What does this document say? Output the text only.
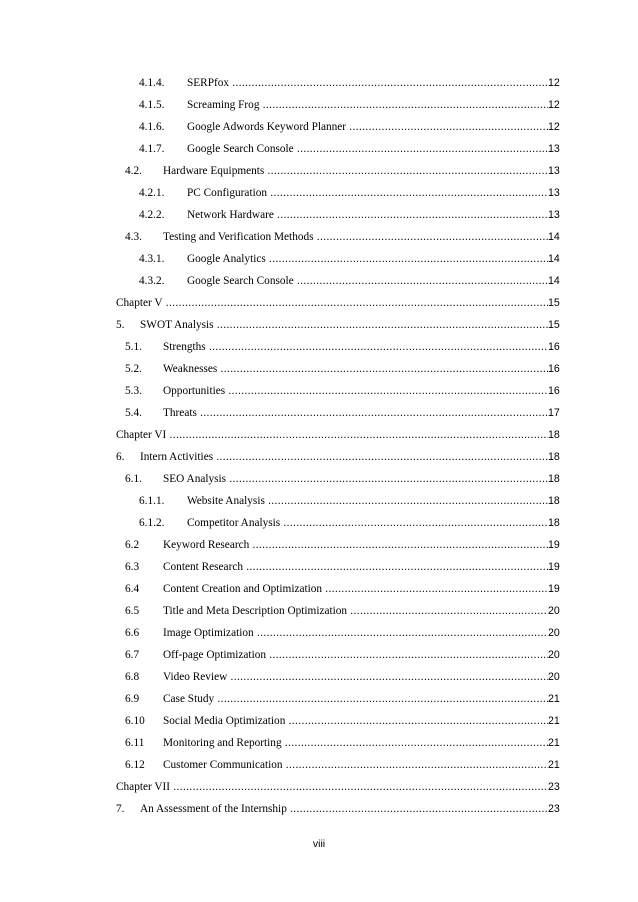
4.1.4. SERPfox .....	12
4.1.5. Screaming Frog .....	12
4.1.6. Google Adwords Keyword Planner .....	12
4.1.7. Google Search Console .....	13
4.2. Hardware Equipments .....	13
4.2.1. PC Configuration .....	13
4.2.2. Network Hardware .....	13
4.3. Testing and Verification Methods .....	14
4.3.1. Google Analytics .....	14
4.3.2. Google Search Console .....	14
Chapter V .....	15
5. SWOT Analysis .....	15
5.1. Strengths .....	16
5.2. Weaknesses .....	16
5.3. Opportunities .....	16
5.4. Threats .....	17
Chapter VI .....	18
6. Intern Activities .....	18
6.1. SEO Analysis .....	18
6.1.1. Website Analysis .....	18
6.1.2. Competitor Analysis .....	18
6.2 Keyword Research .....	19
6.3 Content Research .....	19
6.4 Content Creation and Optimization .....	19
6.5 Title and Meta Description Optimization .....	20
6.6 Image Optimization .....	20
6.7 Off-page Optimization .....	20
6.8 Video Review .....	20
6.9 Case Study .....	21
6.10 Social Media Optimization .....	21
6.11 Monitoring and Reporting .....	21
6.12 Customer Communication .....	21
Chapter VII .....	23
7. An Assessment of the Internship .....	23
viii
